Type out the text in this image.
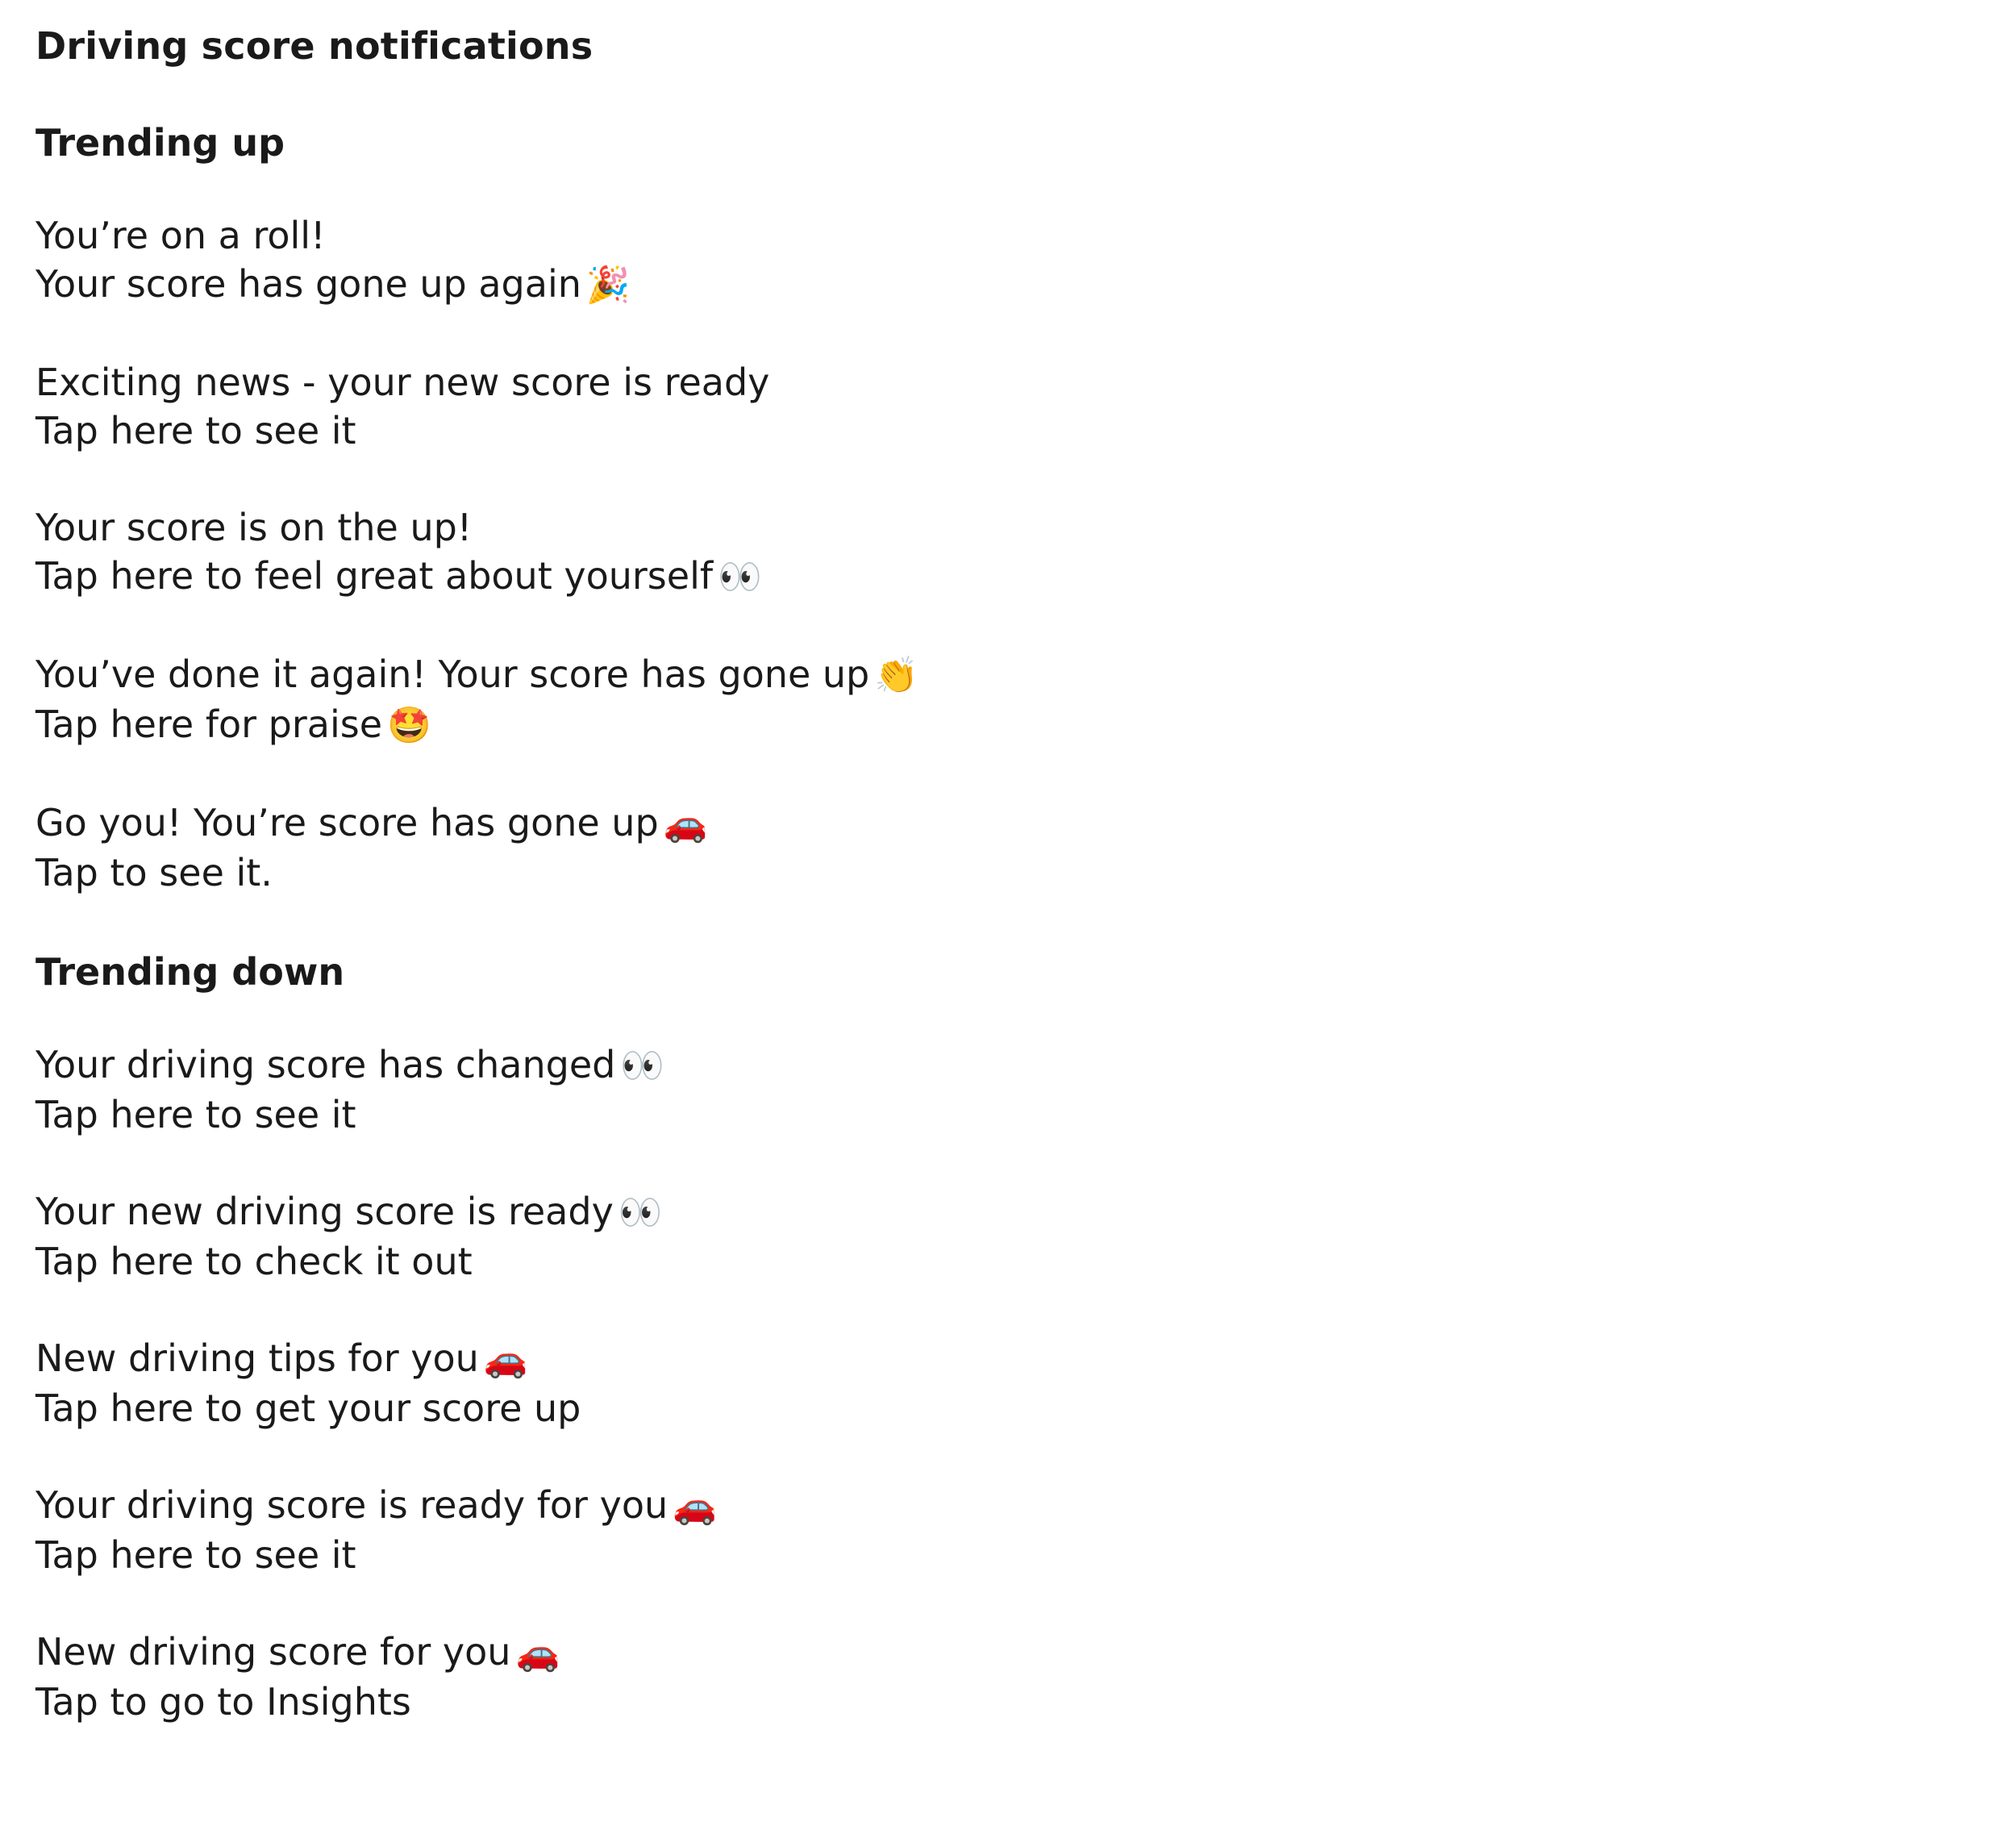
Driving score notifications
Trending up
You’re on a roll!
Your score has gone up again 🎉
Exciting news - your new score is ready
Tap here to see it
Your score is on the up!
Tap here to feel great about yourself 👀
You’ve done it again! Your score has gone up 👏
Tap here for praise 🤩
Go you! You’re score has gone up 🚗
Tap to see it.
Trending down
Your driving score has changed 👀
Tap here to see it
Your new driving score is ready 👀
Tap here to check it out
New driving tips for you 🚗
Tap here to get your score up
Your driving score is ready for you 🚗
Tap here to see it
New driving score for you 🚗
Tap to go to Insights
